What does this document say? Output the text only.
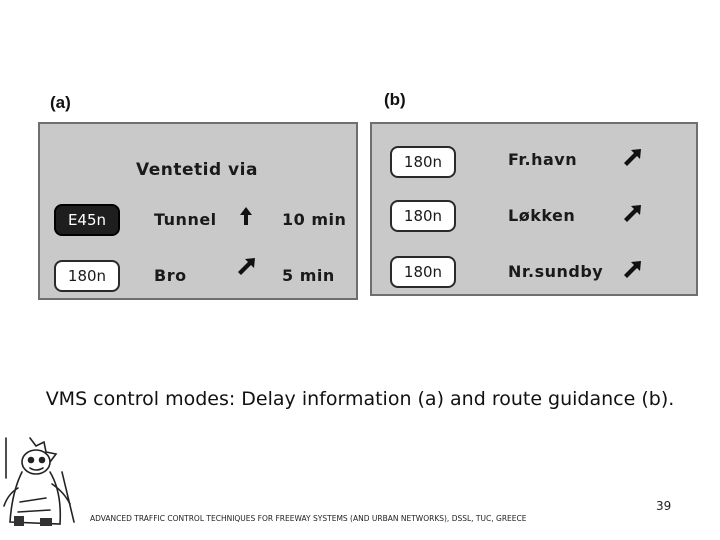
(a)
Ventetid via
E45n	Tunnel	10 min
180n	Bro	5 min
(b)
180n	Fr.havn
180n	Løkken
180n	Nr.sundby
VMS control modes: Delay information (a) and route guidance (b).
ADVANCED TRAFFIC CONTROL TECHNIQUES FOR FREEWAY SYSTEMS (AND URBAN NETWORKS), DSSL, TUC, GREECE
39
